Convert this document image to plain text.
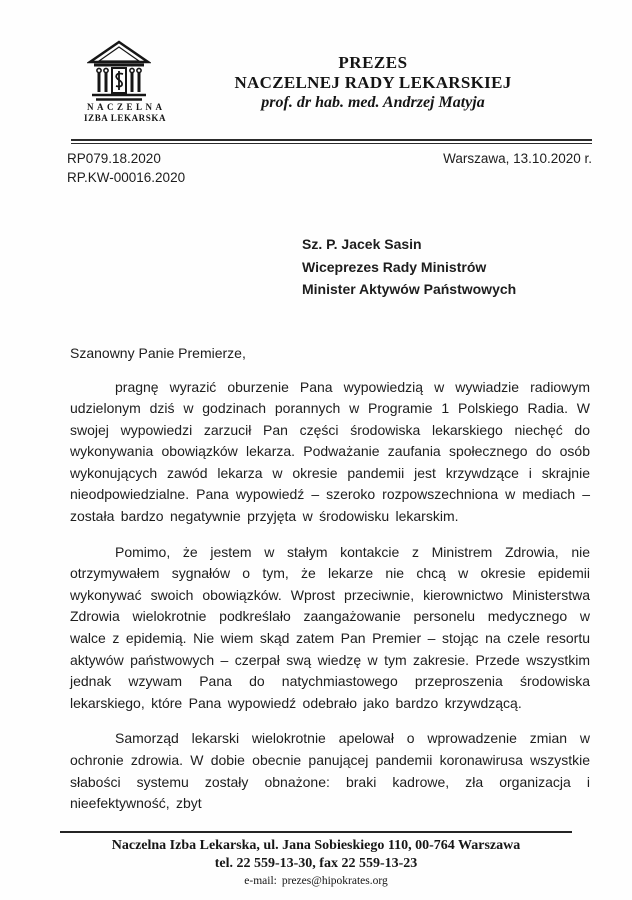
NACZELNA
IZBA LEKARSKA
PREZES
NACZELNEJ RADY LEKARSKIEJ
prof. dr hab. med. Andrzej Matyja
RP079.18.2020
RP.KW-00016.2020
Warszawa, 13.10.2020 r.
Sz. P. Jacek Sasin
Wiceprezes Rady Ministrów
Minister Aktywów Państwowych
Szanowny Panie Premierze,

pragnę wyrazić oburzenie Pana wypowiedzią w wywiadzie radiowym udzielonym dziś w godzinach porannych w Programie 1 Polskiego Radia. W swojej wypowiedzi zarzucił Pan części środowiska lekarskiego niechęć do wykonywania obowiązków lekarza. Podważanie zaufania społecznego do osób wykonujących zawód lekarza w okresie pandemii jest krzywdzące i skrajnie nieodpowiedzialne. Pana wypowiedź – szeroko rozpowszechniona w mediach – została bardzo negatywnie przyjęta w środowisku lekarskim.

Pomimo, że jestem w stałym kontakcie z Ministrem Zdrowia, nie otrzymywałem sygnałów o tym, że lekarze nie chcą w okresie epidemii wykonywać swoich obowiązków. Wprost przeciwnie, kierownictwo Ministerstwa Zdrowia wielokrotnie podkreślało zaangażowanie personelu medycznego w walce z epidemią. Nie wiem skąd zatem Pan Premier – stojąc na czele resortu aktywów państwowych – czerpał swą wiedzę w tym zakresie. Przede wszystkim jednak wzywam Pana do natychmiastowego przeproszenia środowiska lekarskiego, które Pana wypowiedź odebrało jako bardzo krzywdzącą.

Samorząd lekarski wielokrotnie apelował o wprowadzenie zmian w ochronie zdrowia. W dobie obecnie panującej pandemii koronawirusa wszystkie słabości systemu zostały obnażone: braki kadrowe, zła organizacja i nieefektywność, zbyt

Naczelna Izba Lekarska, ul. Jana Sobieskiego 110, 00-764 Warszawa
tel. 22 559-13-30, fax 22 559-13-23
e-mail: prezes@hipokrates.org
